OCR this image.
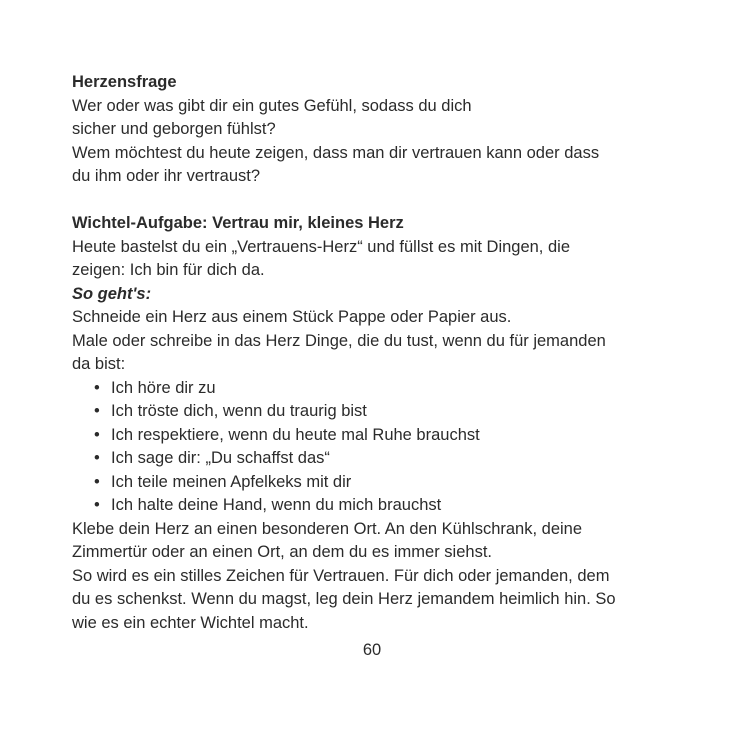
Herzensfrage
Wer oder was gibt dir ein gutes Gefühl, sodass du dich
sicher und geborgen fühlst?
Wem möchtest du heute zeigen, dass man dir vertrauen kann oder dass
du ihm oder ihr vertraust?
Wichtel-Aufgabe: Vertrau mir, kleines Herz
Heute bastelst du ein „Vertrauens-Herz“ und füllst es mit Dingen, die
zeigen: Ich bin für dich da.
So geht's:
Schneide ein Herz aus einem Stück Pappe oder Papier aus.
Male oder schreibe in das Herz Dinge, die du tust, wenn du für jemanden
da bist:
• Ich höre dir zu
• Ich tröste dich, wenn du traurig bist
• Ich respektiere, wenn du heute mal Ruhe brauchst
• Ich sage dir: „Du schaffst das“
• Ich teile meinen Apfelkeks mit dir
• Ich halte deine Hand, wenn du mich brauchst
Klebe dein Herz an einen besonderen Ort. An den Kühlschrank, deine
Zimmertür oder an einen Ort, an dem du es immer siehst.
So wird es ein stilles Zeichen für Vertrauen. Für dich oder jemanden, dem
du es schenkst. Wenn du magst, leg dein Herz jemandem heimlich hin. So
wie es ein echter Wichtel macht.
60
